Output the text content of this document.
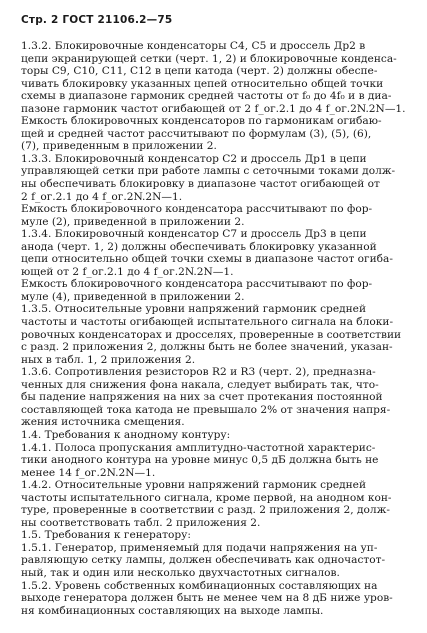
Стр. 2 ГОСТ 21106.2—75
1.3.2. Блокировочные конденсаторы С4, С5 и дроссель Др2 в
цепи экранирующей сетки (черт. 1, 2) и блокировочные конденса-
торы С9, С10, С11, С12 в цепи катода (черт. 2) должны обеспе-
чивать блокировку указанных цепей относительно общей точки
схемы в диапазоне гармоник средней частоты от f₀ до 4f₀ и в диа-
пазоне гармоник частот огибающей от 2 f_ог.2.1 до 4 f_ог.2N.2N—1.
Емкость блокировочных конденсаторов по гармоникам огибаю-
щей и средней частот рассчитывают по формулам (3), (5), (6),
(7), приведенным в приложении 2.
1.3.3. Блокировочный конденсатор С2 и дроссель Др1 в цепи
управляющей сетки при работе лампы с сеточными токами долж-
ны обеспечивать блокировку в диапазоне частот огибающей от
2 f_ог.2.1 до 4 f_ог.2N.2N—1.
Емкость блокировочного конденсатора рассчитывают по фор-
муле (2), приведенной в приложении 2.
1.3.4. Блокировочный конденсатор С7 и дроссель Др3 в цепи
анода (черт. 1, 2) должны обеспечивать блокировку указанной
цепи относительно общей точки схемы в диапазоне частот огиба-
ющей от 2 f_ог.2.1 до 4 f_ог.2N.2N—1.
Емкость блокировочного конденсатора рассчитывают по фор-
муле (4), приведенной в приложении 2.
1.3.5. Относительные уровни напряжений гармоник средней
частоты и частоты огибающей испытательного сигнала на блоки-
ровочных конденсаторах и дросселях, проверенные в соответствии
с разд. 2 приложения 2, должны быть не более значений, указан-
ных в табл. 1, 2 приложения 2.
1.3.6. Сопротивления резисторов R2 и R3 (черт. 2), предназна-
ченных для снижения фона накала, следует выбирать так, что-
бы падение напряжения на них за счет протекания постоянной
составляющей тока катода не превышало 2% от значения напря-
жения источника смещения.
1.4. Требования к анодному контуру:
1.4.1. Полоса пропускания амплитудно-частотной характерис-
тики анодного контура на уровне минус 0,5 дБ должна быть не
менее 14 f_ог.2N.2N—1.
1.4.2. Относительные уровни напряжений гармоник средней
частоты испытательного сигнала, кроме первой, на анодном кон-
туре, проверенные в соответствии с разд. 2 приложения 2, долж-
ны соответствовать табл. 2 приложения 2.
1.5. Требования к генератору:
1.5.1. Генератор, применяемый для подачи напряжения на уп-
равляющую сетку лампы, должен обеспечивать как одночастот-
ный, так и один или несколько двухчастотных сигналов.
1.5.2. Уровень собственных комбинационных составляющих на
выходе генератора должен быть не менее чем на 8 дБ ниже уров-
ня комбинационных составляющих на выходе лампы.
